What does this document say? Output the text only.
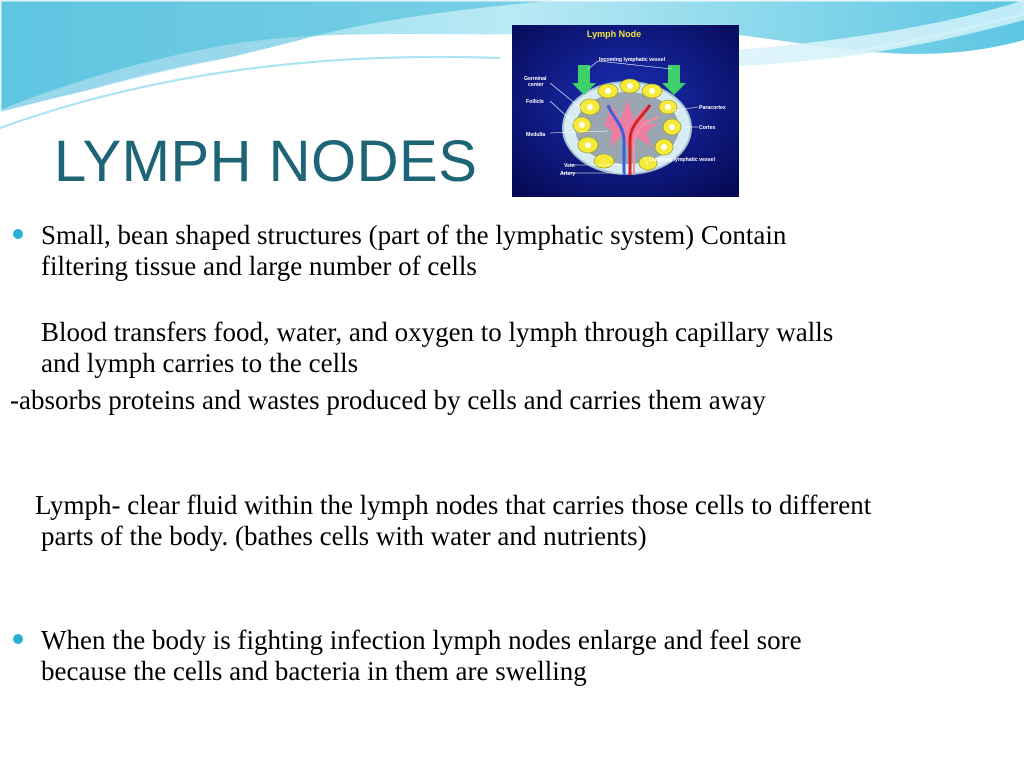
LYMPH NODES
Lymph Node
Incoming lymphatic vessel
Germinal
center
Follicle
Medulla
Vein
Artery
Paracortex
Cortex
Outgoing lymphatic vessel

Small, bean shaped structures (part of the lymphatic system) Contain filtering tissue and large number of cells

Blood transfers food, water, and oxygen to lymph through capillary walls and lymph carries to the cells

-absorbs proteins and wastes produced by cells and carries them away

Lymph- clear fluid within the lymph nodes that carries those cells to different parts of the body. (bathes cells with water and nutrients)

When the body is fighting infection lymph nodes enlarge and feel sore because the cells and bacteria in them are swelling
